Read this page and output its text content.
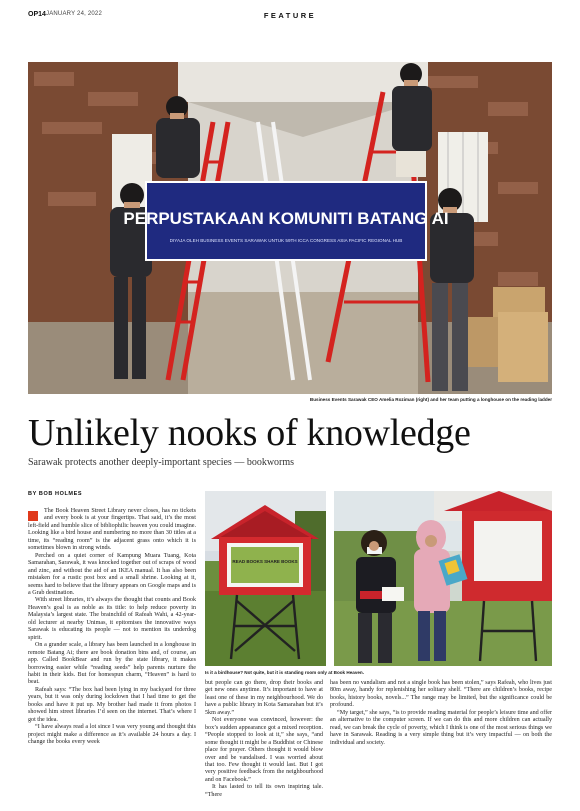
OP14 JANUARY 24, 2022	FEATURE
PERPUSTAKAAN KOMUNITI BATANG AI
DIYAJA OLEH BUSINESS EVENTS SARAWAK UNTUK 59TH ICCA CONGRESS ASIA PACIFIC REGIONAL HUB
Business Events Sarawak CEO Amelia Roziman (right) and her team putting a longhouse on the reading ladder
Unlikely nooks of knowledge

Sarawak protects another deeply-important species — bookworms

BY BOB HOLMES

The Book Heaven Street Library never closes, has no tickets and every book is at your fingertips. That said, it’s the most left-field and humble slice of bibliophilic heaven you could imagine. Looking like a bird house and numbering no more than 30 titles at a time, its “reading room” is the adjacent grass onto which it is sometimes blown in strong winds.

Perched on a quiet corner of Kampung Muara Tuang, Kota Samarahan, Sarawak, it was knocked together out of scraps of wood and zinc, and without the aid of an IKEA manual. It has also been mistaken for a rustic post box and a small shrine. Looking at it, seems hard to believe that the library appears on Google maps and is a Grab destination.

With street libraries, it’s always the thought that counts and Book Heaven’s goal is as noble as its title: to help reduce poverty in Malaysia’s largest state. The brainchild of Rafeah Wahi, a 42-year-old lecturer at nearby Unimas, it epitomises the innovative ways Sarawak is educating its people — not to mention its underdog spirit.

On a grander scale, a library has been launched in a longhouse in remote Batang Ai; there are book donation bins and, of course, an app. Called BookBear and run by the state library, it makes borrowing easier while “reading seeds” help parents nurture the habit in their kids. But for homespun charm, “Heaven” is hard to beat.

Rafeah says: “The box had been lying in my backyard for three years, but it was only during lockdown that I had time to get the books and have it put up. My brother had made it from photos I showed him street libraries I’d seen on the internet. That’s where I got the idea.

“I have always read a lot since I was very young and thought this project might make a difference as it’s available 24 hours a day. I change the books every week

READ BOOKS SHARE BOOKS
Is it a birdhouse? Not quite, but it is standing room only at Book Heaven.

but people can go there, drop their books and get new ones anytime. It’s important to have at least one of these in my neighbourhood. We do have a public library in Kota Samarahan but it’s 5km away.”

Not everyone was convinced, however: the box’s sudden appearance got a mixed reception. “People stopped to look at it,” she says, “and some thought it might be a Buddhist or Chinese place for prayer. Others thought it would blow over and be vandalised. I was worried about that too. Few thought it would last. But I got very positive feedback from the neighbourhood and on Facebook.”

It has lasted to tell its own inspiring tale. “There

has been no vandalism and not a single book has been stolen,” says Rafeah, who lives just 80m away, handy for replenishing her solitary shelf. “There are children’s books, recipe books, history books, novels...” The range may be limited, but the significance could be profound.

“My target,” she says, “is to provide reading material for people’s leisure time and offer an alternative to the computer screen. If we can do this and more children can actually read, we can break the cycle of poverty, which I think is one of the most serious things we have in Sarawak. Reading is a very simple thing but it’s very impactful — on both the individual and society.
